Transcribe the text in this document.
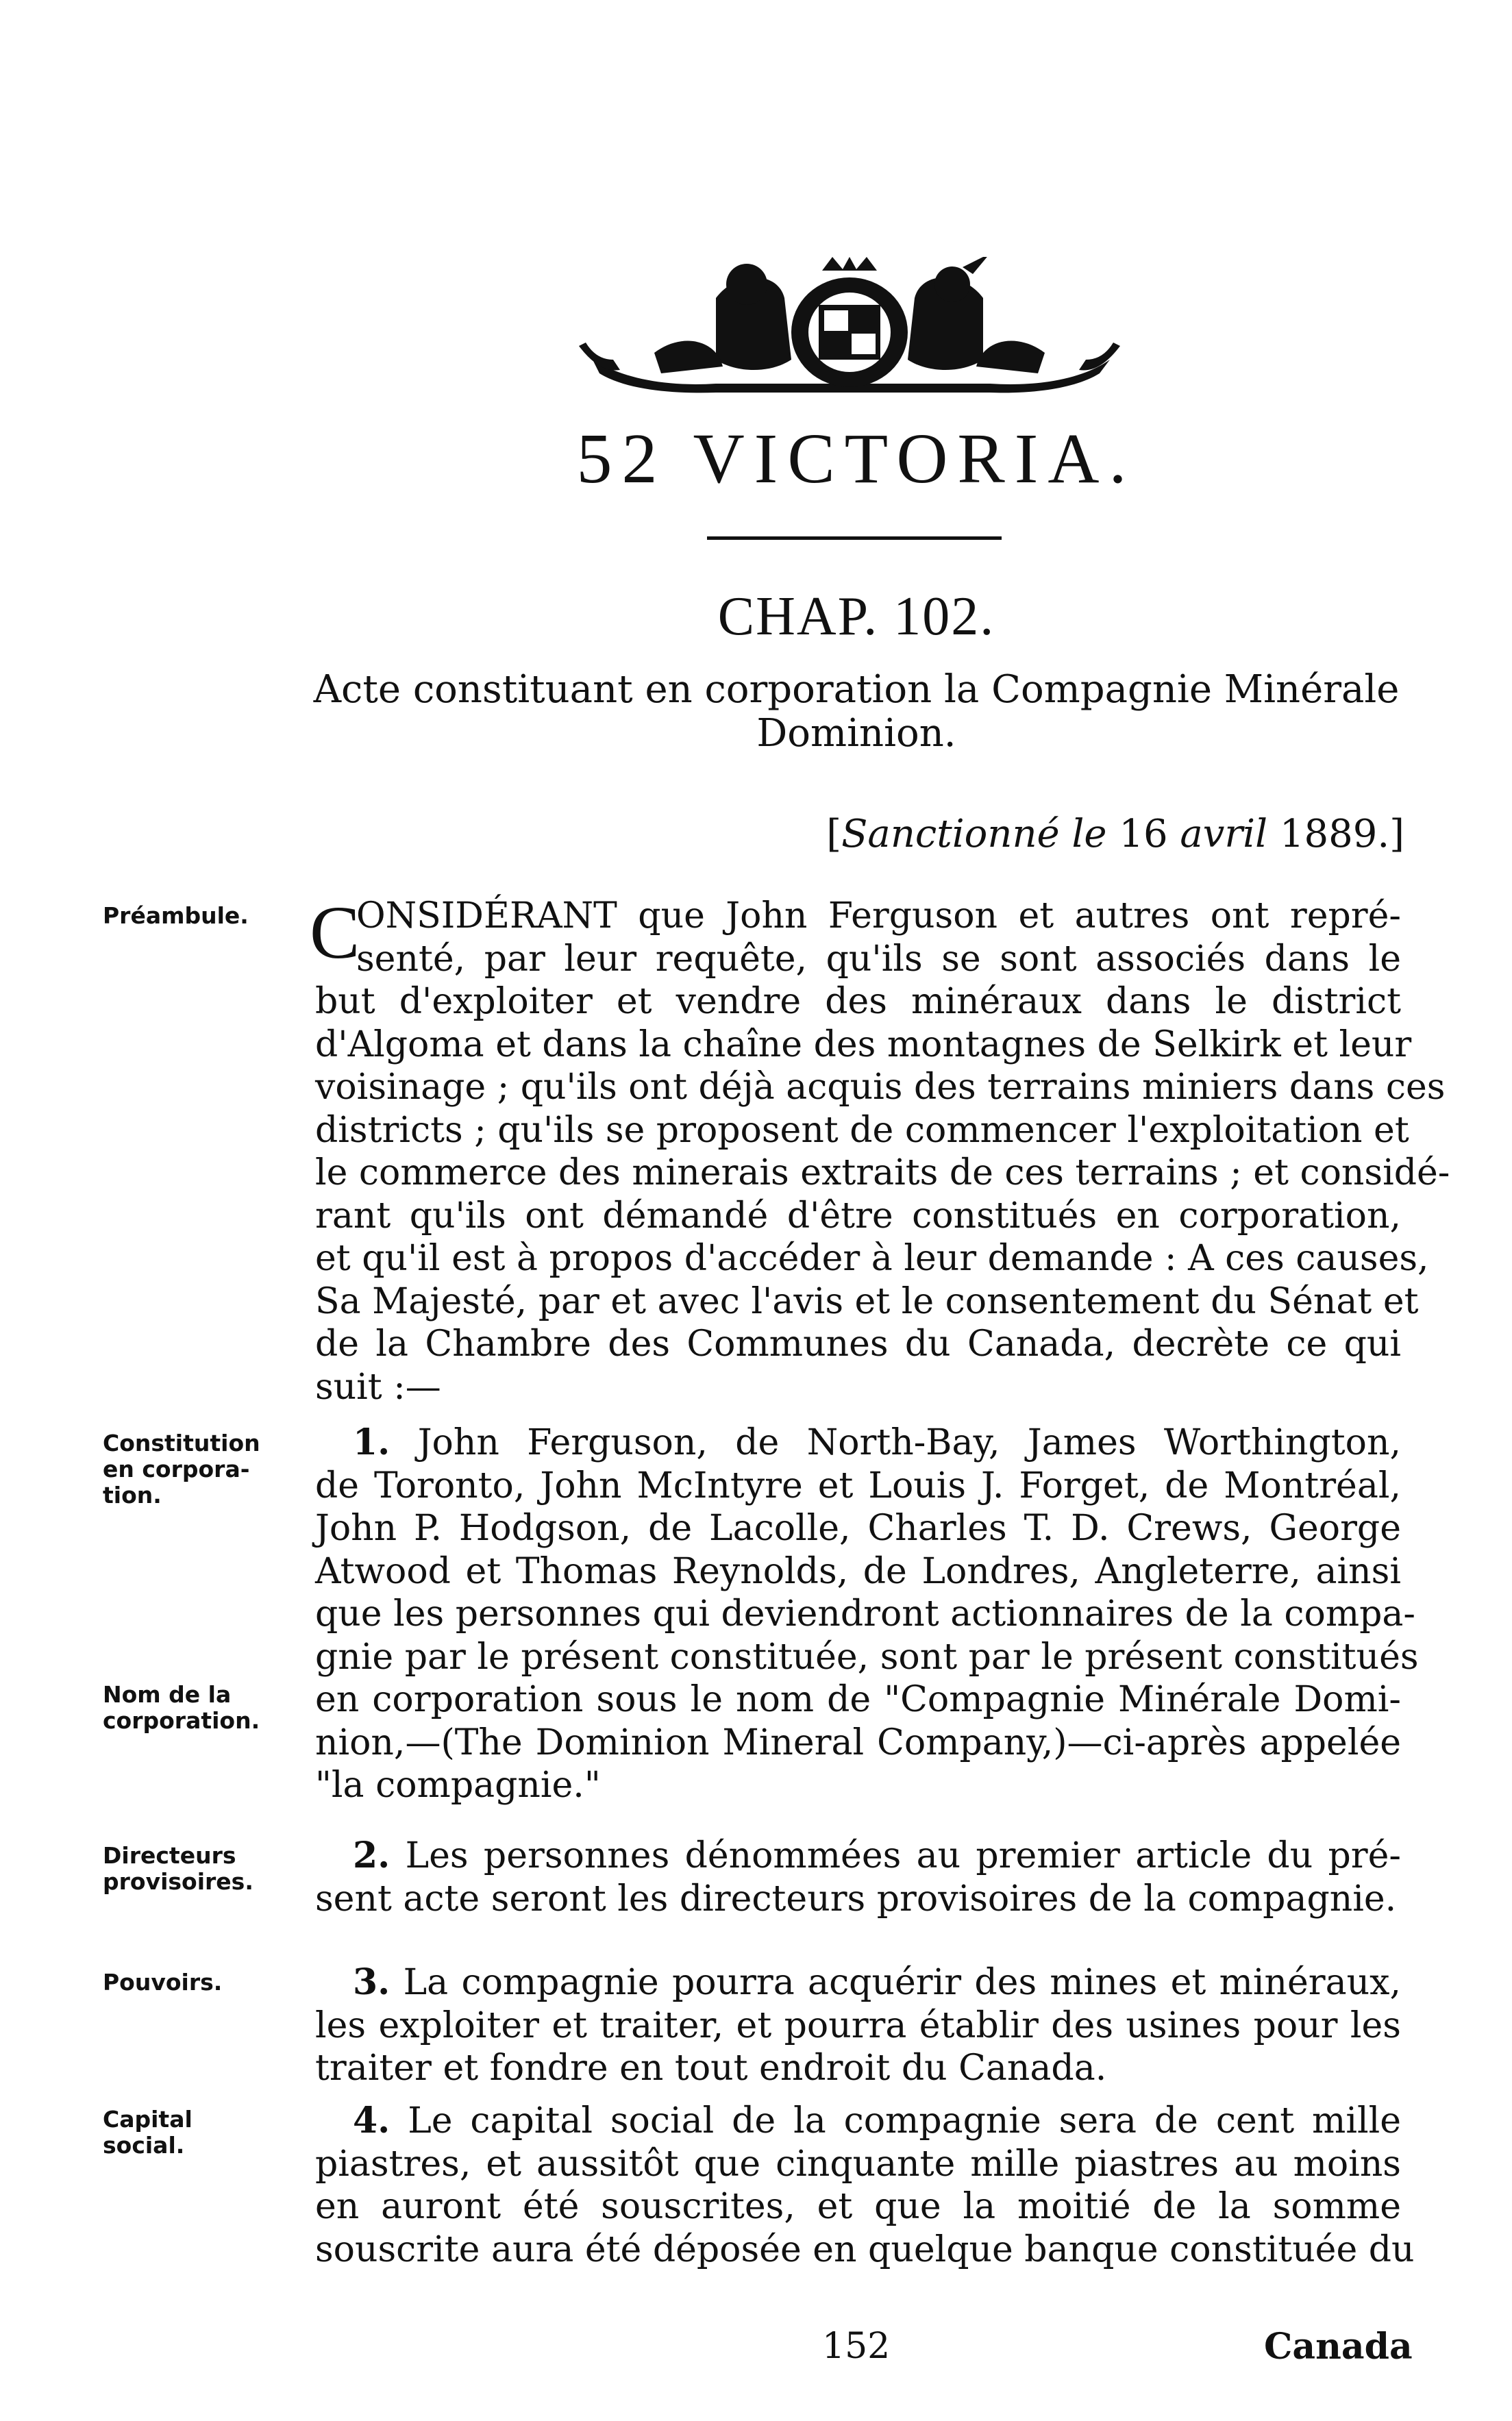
52 VICTORIA.
CHAP. 102.
Acte constituant en corporation la Compagnie Minérale
Dominion.
[Sanctionné le 16 avril 1889.]
Préambule.
Constitution
en corpora-
tion.
Nom de la
corporation.
Directeurs
provisoires.
Pouvoirs.
Capital
social.
C
ONSIDÉRANT que John Ferguson et autres ont repré-
senté, par leur requête, qu'ils se sont associés dans le
but d'exploiter et vendre des minéraux dans le district
d'Algoma et dans la chaîne des montagnes de Selkirk et leur
voisinage ; qu'ils ont déjà acquis des terrains miniers dans ces
districts ; qu'ils se proposent de commencer l'exploitation et
le commerce des minerais extraits de ces terrains ; et considé-
rant qu'ils ont démandé d'être constitués en corporation,
et qu'il est à propos d'accéder à leur demande : A ces causes,
Sa Majesté, par et avec l'avis et le consentement du Sénat et
de la Chambre des Communes du Canada, decrète ce qui
suit :—
1. John Ferguson, de North-Bay, James Worthington,
de Toronto, John McIntyre et Louis J. Forget, de Montréal,
John P. Hodgson, de Lacolle, Charles T. D. Crews, George
Atwood et Thomas Reynolds, de Londres, Angleterre, ainsi
que les personnes qui deviendront actionnaires de la compa-
gnie par le présent constituée, sont par le présent constitués
en corporation sous le nom de "Compagnie Minérale Domi-
nion,—(The Dominion Mineral Company,)—ci-après appelée
"la compagnie."
2. Les personnes dénommées au premier article du pré-
sent acte seront les directeurs provisoires de la compagnie.
3. La compagnie pourra acquérir des mines et minéraux,
les exploiter et traiter, et pourra établir des usines pour les
traiter et fondre en tout endroit du Canada.
4. Le capital social de la compagnie sera de cent mille
piastres, et aussitôt que cinquante mille piastres au moins
en auront été souscrites, et que la moitié de la somme
souscrite aura été déposée en quelque banque constituée du
152	Canada
